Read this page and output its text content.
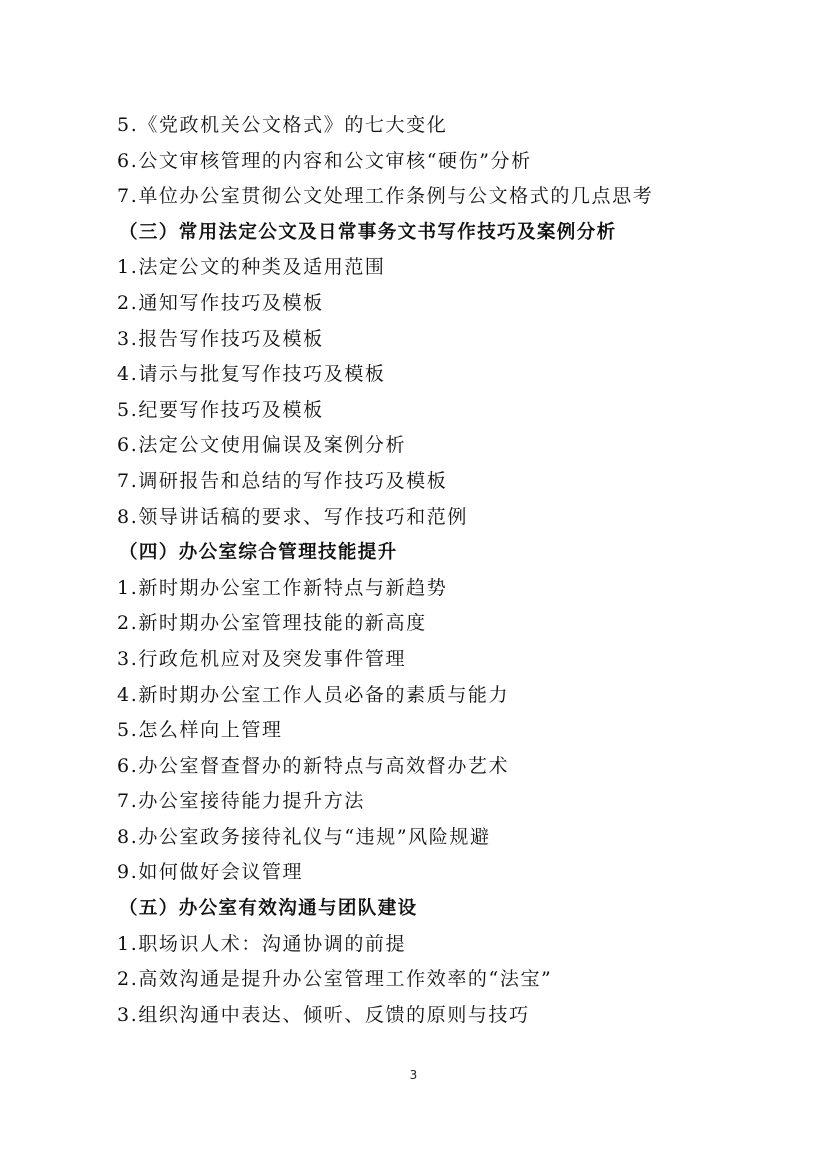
5.《党政机关公文格式》的七大变化
6.公文审核管理的内容和公文审核“硬伤”分析
7.单位办公室贯彻公文处理工作条例与公文格式的几点思考
（三）常用法定公文及日常事务文书写作技巧及案例分析
1.法定公文的种类及适用范围
2.通知写作技巧及模板
3.报告写作技巧及模板
4.请示与批复写作技巧及模板
5.纪要写作技巧及模板
6.法定公文使用偏误及案例分析
7.调研报告和总结的写作技巧及模板
8.领导讲话稿的要求、写作技巧和范例
（四）办公室综合管理技能提升
1.新时期办公室工作新特点与新趋势
2.新时期办公室管理技能的新高度
3.行政危机应对及突发事件管理
4.新时期办公室工作人员必备的素质与能力
5.怎么样向上管理
6.办公室督查督办的新特点与高效督办艺术
7.办公室接待能力提升方法
8.办公室政务接待礼仪与“违规”风险规避
9.如何做好会议管理
（五）办公室有效沟通与团队建设
1.职场识人术：沟通协调的前提
2.高效沟通是提升办公室管理工作效率的“法宝”
3.组织沟通中表达、倾听、反馈的原则与技巧
3
